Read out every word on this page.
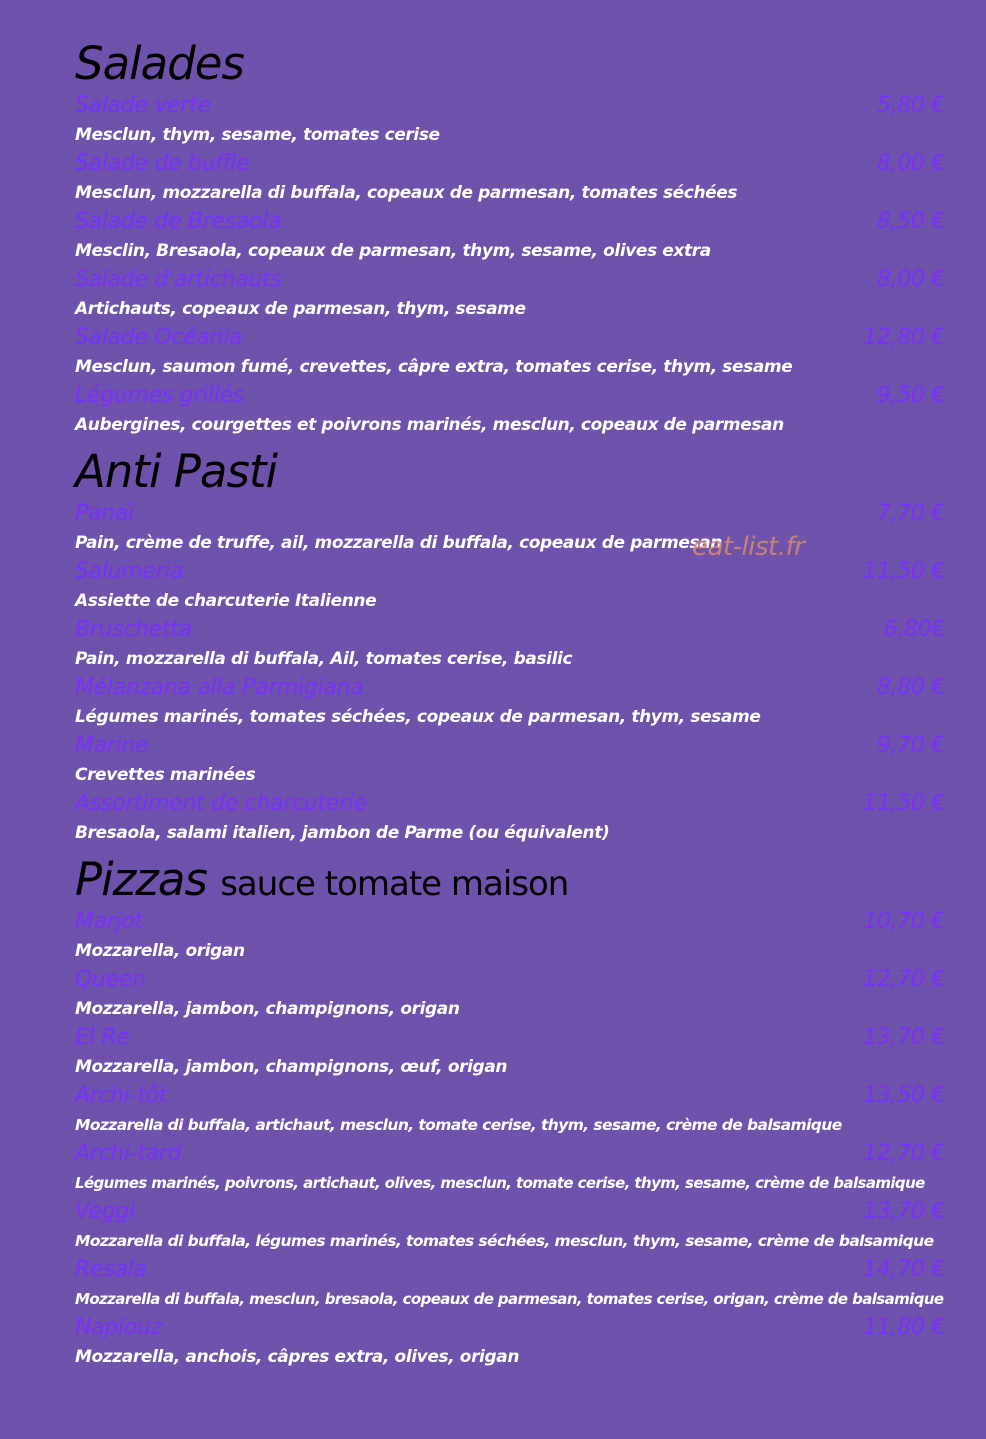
Salades
Salade verte	5,80 €
Mesclun, thym, sesame, tomates cerise
Salade de buffle	8,00 €
Mesclun, mozzarella di buffala, copeaux de parmesan, tomates séchées
Salade de Bresaola	8,50 €
Mesclin, Bresaola, copeaux de parmesan, thym, sesame, olives extra
Salade d'artichauts	8,00 €
Artichauts, copeaux de parmesan, thym, sesame
Salade Océania	12,80 €
Mesclun, saumon fumé, crevettes, câpre extra, tomates cerise, thym, sesame
Légumes grillés	9,50 €
Aubergines, courgettes et poivrons marinés, mesclun, copeaux de parmesan
Anti Pasti
Panaï	7,70 €
Pain, crème de truffe, ail, mozzarella di buffala, copeaux de parmesan
Salumeria	11,50 €
Assiette de charcuterie Italienne
Bruschetta	6,80€
Pain, mozzarella di buffala, Ail, tomates cerise, basilic
Mélanzana alla Parmigiana	8,80 €
Légumes marinés, tomates séchées, copeaux de parmesan, thym, sesame
Marine	9,70 €
Crevettes marinées
Assortiment de charcuterie	11,50 €
Bresaola, salami italien, jambon de Parme (ou équivalent)
Pizzas sauce tomate maison
Marjot	10,70 €
Mozzarella, origan
Queen	12,70 €
Mozzarella, jambon, champignons, origan
El Re	13,70 €
Mozzarella, jambon, champignons, œuf, origan
Archi-tôt	13,50 €
Mozzarella di buffala, artichaut, mesclun, tomate cerise, thym, sesame, crème de balsamique
Archi-tard	12,70 €
Légumes marinés, poivrons, artichaut, olives, mesclun, tomate cerise, thym, sesame, crème de balsamique
Veggi	13,70 €
Mozzarella di buffala, légumes marinés, tomates séchées, mesclun, thym, sesame, crème de balsamique
Resala	14,70 €
Mozzarella di buffala, mesclun, bresaola, copeaux de parmesan, tomates cerise, origan, crème de balsamique
Naplouz	11,80 €
Mozzarella, anchois, câpres extra, olives, origan
eat-list.fr
